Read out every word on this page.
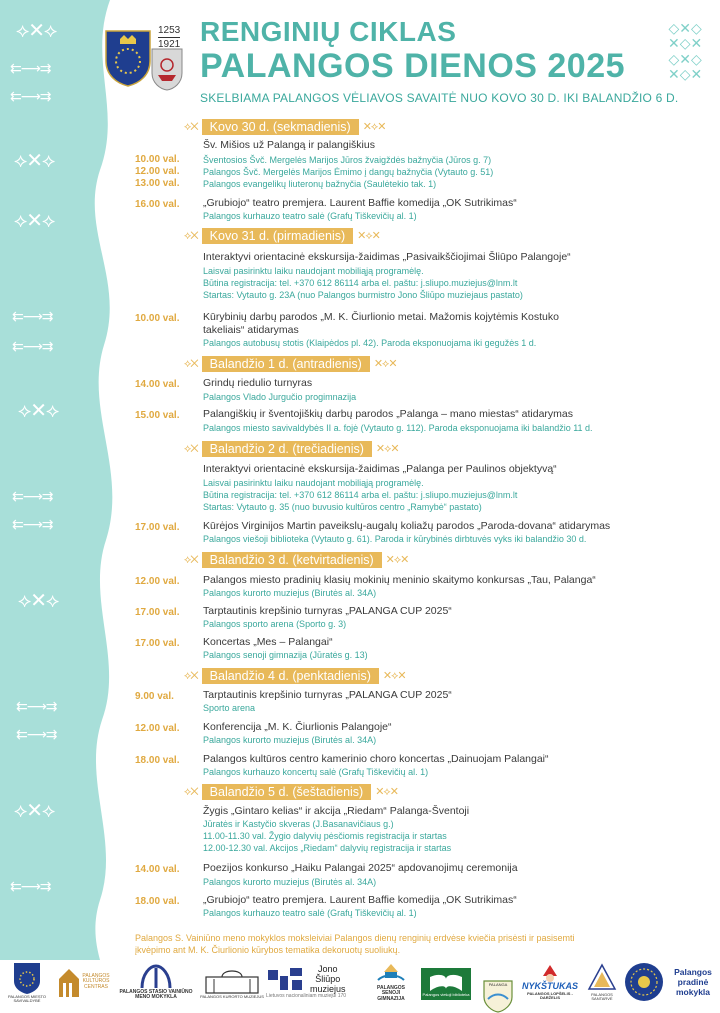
⟡✕⟡
⇇⟶⇉
⇇⟶⇉
⟡✕⟡
⟡✕⟡
⇇⟶⇉
⇇⟶⇉
⟡✕⟡
⇇⟶⇉
⇇⟶⇉
⟡✕⟡
⇇⟶⇉
⇇⟶⇉
⟡✕⟡
⇇⟶⇉
◇✕◇
✕◇✕
◇✕◇
✕◇✕
1253
1921 RENGINIŲ CIKLAS
PALANGOS DIENOS 2025
SKELBIAMA PALANGOS VĖLIAVOS SAVAITĖ NUO KOVO 30 D. IKI BALANDŽIO 6 D.
⟡✕ Kovo 30 d. (sekmadienis)	✕⟡✕
Šv. Mišios už Palangą ir palangiškius
10.00 val.	Šventosios Švč. Mergelės Marijos Jūros žvaigždės bažnyčia (Jūros g. 7)
12.00 val.	Palangos Švč. Mergelės Marijos Ėmimo į dangų bažnyčia (Vytauto g. 51)
13.00 val.	Palangos evangelikų liuteronų bažnyčia (Saulėtekio tak. 1)
16.00 val. „Grubiojo“ teatro premjera. Laurent Baffie komedija „OK Sutrikimas“
Palangos kurhauzo teatro salė (Grafų Tiškevičių al. 1)
⟡✕ Kovo 31 d. (pirmadienis)	✕⟡✕
Interaktyvi orientacinė ekskursija-žaidimas „Pasivaikščiojimai Šliūpo Palangoje“
Laisvai pasirinktu laiku naudojant mobiliąją programėlę.
Būtina registracija: tel. +370 612 86114 arba el. paštu: j.sliupo.muziejus@lnm.lt
Startas: Vytauto g. 23A (nuo Palangos burmistro Jono Šliūpo muziejaus pastato)
10.00 val. Kūrybinių darbų parodos „M. K. Čiurlionio metai. Mažomis kojytėmis Kostuko
takeliais“ atidarymas
Palangos autobusų stotis (Klaipėdos pl. 42). Paroda eksponuojama iki gegužės 1 d.
⟡✕ Balandžio 1 d. (antradienis)	✕⟡✕
14.00 val. Grindų riedulio turnyras
Palangos Vlado Jurgučio progimnazija
15.00 val. Palangiškių ir šventojiškių darbų parodos „Palanga – mano miestas“ atidarymas
Palangos miesto savivaldybės II a. fojė (Vytauto g. 112). Paroda eksponuojama iki balandžio 11 d.
⟡✕ Balandžio 2 d. (trečiadienis)	✕⟡✕
Interaktyvi orientacinė ekskursija-žaidimas „Palanga per Paulinos objektyvą“
Laisvai pasirinktu laiku naudojant mobiliąją programėlę.
Būtina registracija: tel. +370 612 86114 arba el. paštu: j.sliupo.muziejus@lnm.lt
Startas: Vytauto g. 35 (nuo buvusio kultūros centro „Ramybė“ pastato)
17.00 val. Kūrėjos Virginijos Martin paveikslų-augalų koliažų parodos „Paroda-dovana“ atidarymas
Palangos viešoji biblioteka (Vytauto g. 61). Paroda ir kūrybinės dirbtuvės vyks iki balandžio 30 d.
⟡✕ Balandžio 3 d. (ketvirtadienis)	✕⟡✕
12.00 val. Palangos miesto pradinių klasių mokinių meninio skaitymo konkursas „Tau, Palanga“
Palangos kurorto muziejus (Birutės al. 34A)
17.00 val. Tarptautinis krepšinio turnyras „PALANGA CUP 2025“
Palangos sporto arena (Sporto g. 3)
17.00 val. Koncertas „Mes – Palangai“
Palangos senoji gimnazija (Jūratės g. 13)
⟡✕ Balandžio 4 d. (penktadienis)	✕⟡✕
9.00 val.	Tarptautinis krepšinio turnyras „PALANGA CUP 2025“
Sporto arena
12.00 val. Konferencija „M. K. Čiurlionis Palangoje“
Palangos kurorto muziejus (Birutės al. 34A)
18.00 val. Palangos kultūros centro kamerinio choro koncertas „Dainuojam Palangai“
Palangos kurhauzo koncertų salė (Grafų Tiškevičių al. 1)
⟡✕ Balandžio 5 d. (šeštadienis)	✕⟡✕
Žygis „Gintaro kelias“ ir akcija „Riedam“ Palanga-Šventoji
Jūratės ir Kastyčio skveras (J.Basanavičiaus g.)
11.00-11.30 val. Žygio dalyvių pėsčiomis registracija ir startas
12.00-12.30 val. Akcijos „Riedam“ dalyvių registracija ir startas
14.00 val. Poezijos konkurso „Haiku Palangai 2025“ apdovanojimų ceremonija
Palangos kurorto muziejus (Birutės al. 34A)
18.00 val. „Grubiojo“ teatro premjera. Laurent Baffie komedija „OK Sutrikimas“
Palangos kurhauzo teatro salė (Grafų Tiškevičių al. 1)
Palangos S. Vainiūno meno mokyklos moksleiviai Palangos dienų renginių erdvėse kviečia prisėsti ir pasisemti įkvėpimo ant M. K. Čiurlionio kūrybos tematika dekoruotų suoliukų.
PALANGOS MIESTO SAVIVALDYBĖ
PALANGOS KULTŪROS CENTRAS
PALANGOS STASIO VAINIŪNO MENO MOKYKLA	PALANGOS KURORTO MUZIEJUS
Jono
Šliūpo
muziejus
Lietuvos nacionaliniam muziejui 170
PALANGOS SENOJI GIMNAZIJA
Palangos viešoji biblioteka
PALANGA NYKŠTUKAS
PALANGOS LOPŠELIS - DARŽELIS
PALANGOS SANTARVĖ
Palangos
pradinė
mokykla
